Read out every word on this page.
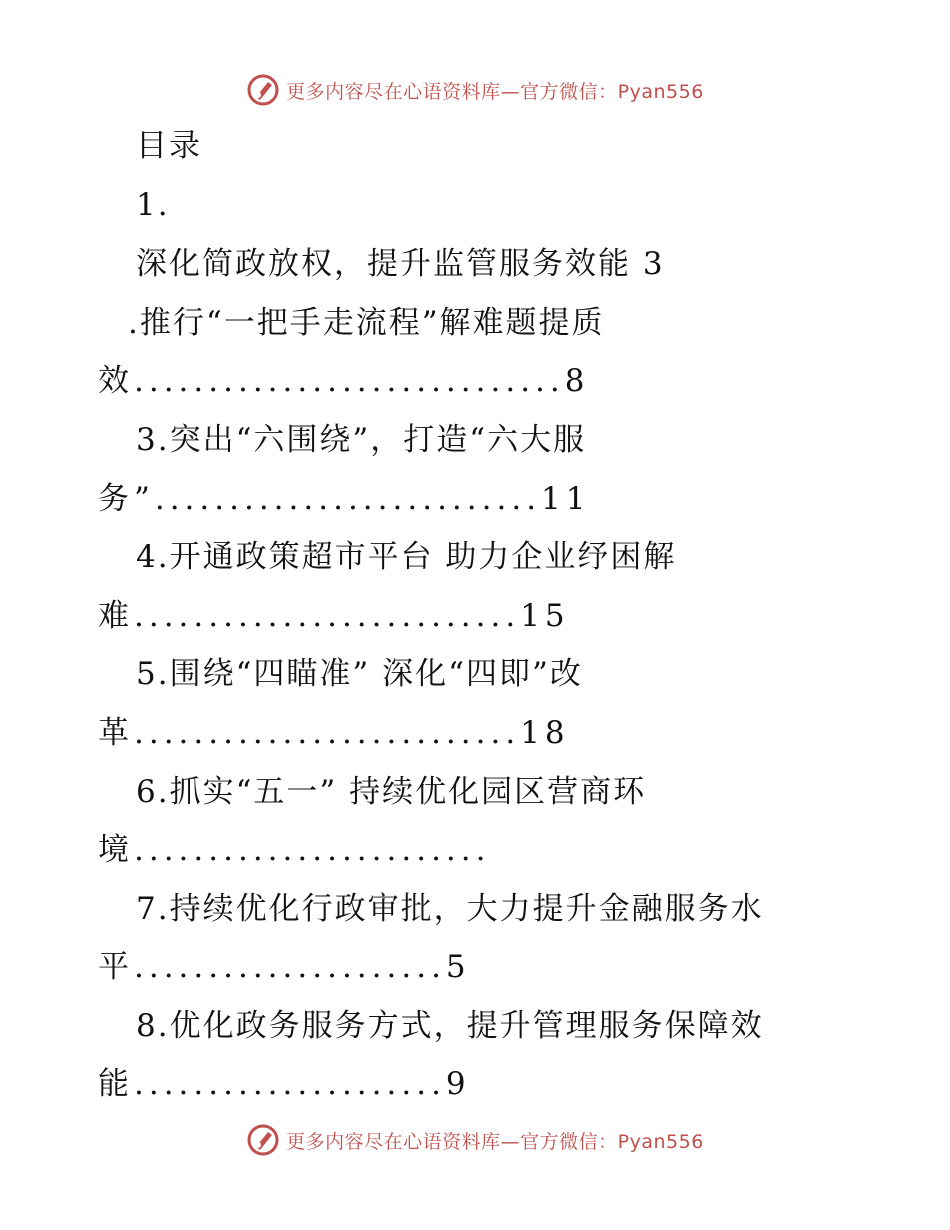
更多内容尽在心语资料库—官方微信：Pyan556
目录
1.
深化简政放权，提升监管服务效能 3
.推行“一把手走流程”解难题提质
效.............................8
3.突出“六围绕”，打造“六大服
务”..........................11
4.开通政策超市平台 助力企业纾困解
难..........................15
5.围绕“四瞄准” 深化“四即”改
革..........................18
6.抓实“五一” 持续优化园区营商环
境........................
7.持续优化行政审批，大力提升金融服务水
平.....................5
8.优化政务服务方式，提升管理服务保障效
能.....................9
更多内容尽在心语资料库—官方微信：Pyan556
